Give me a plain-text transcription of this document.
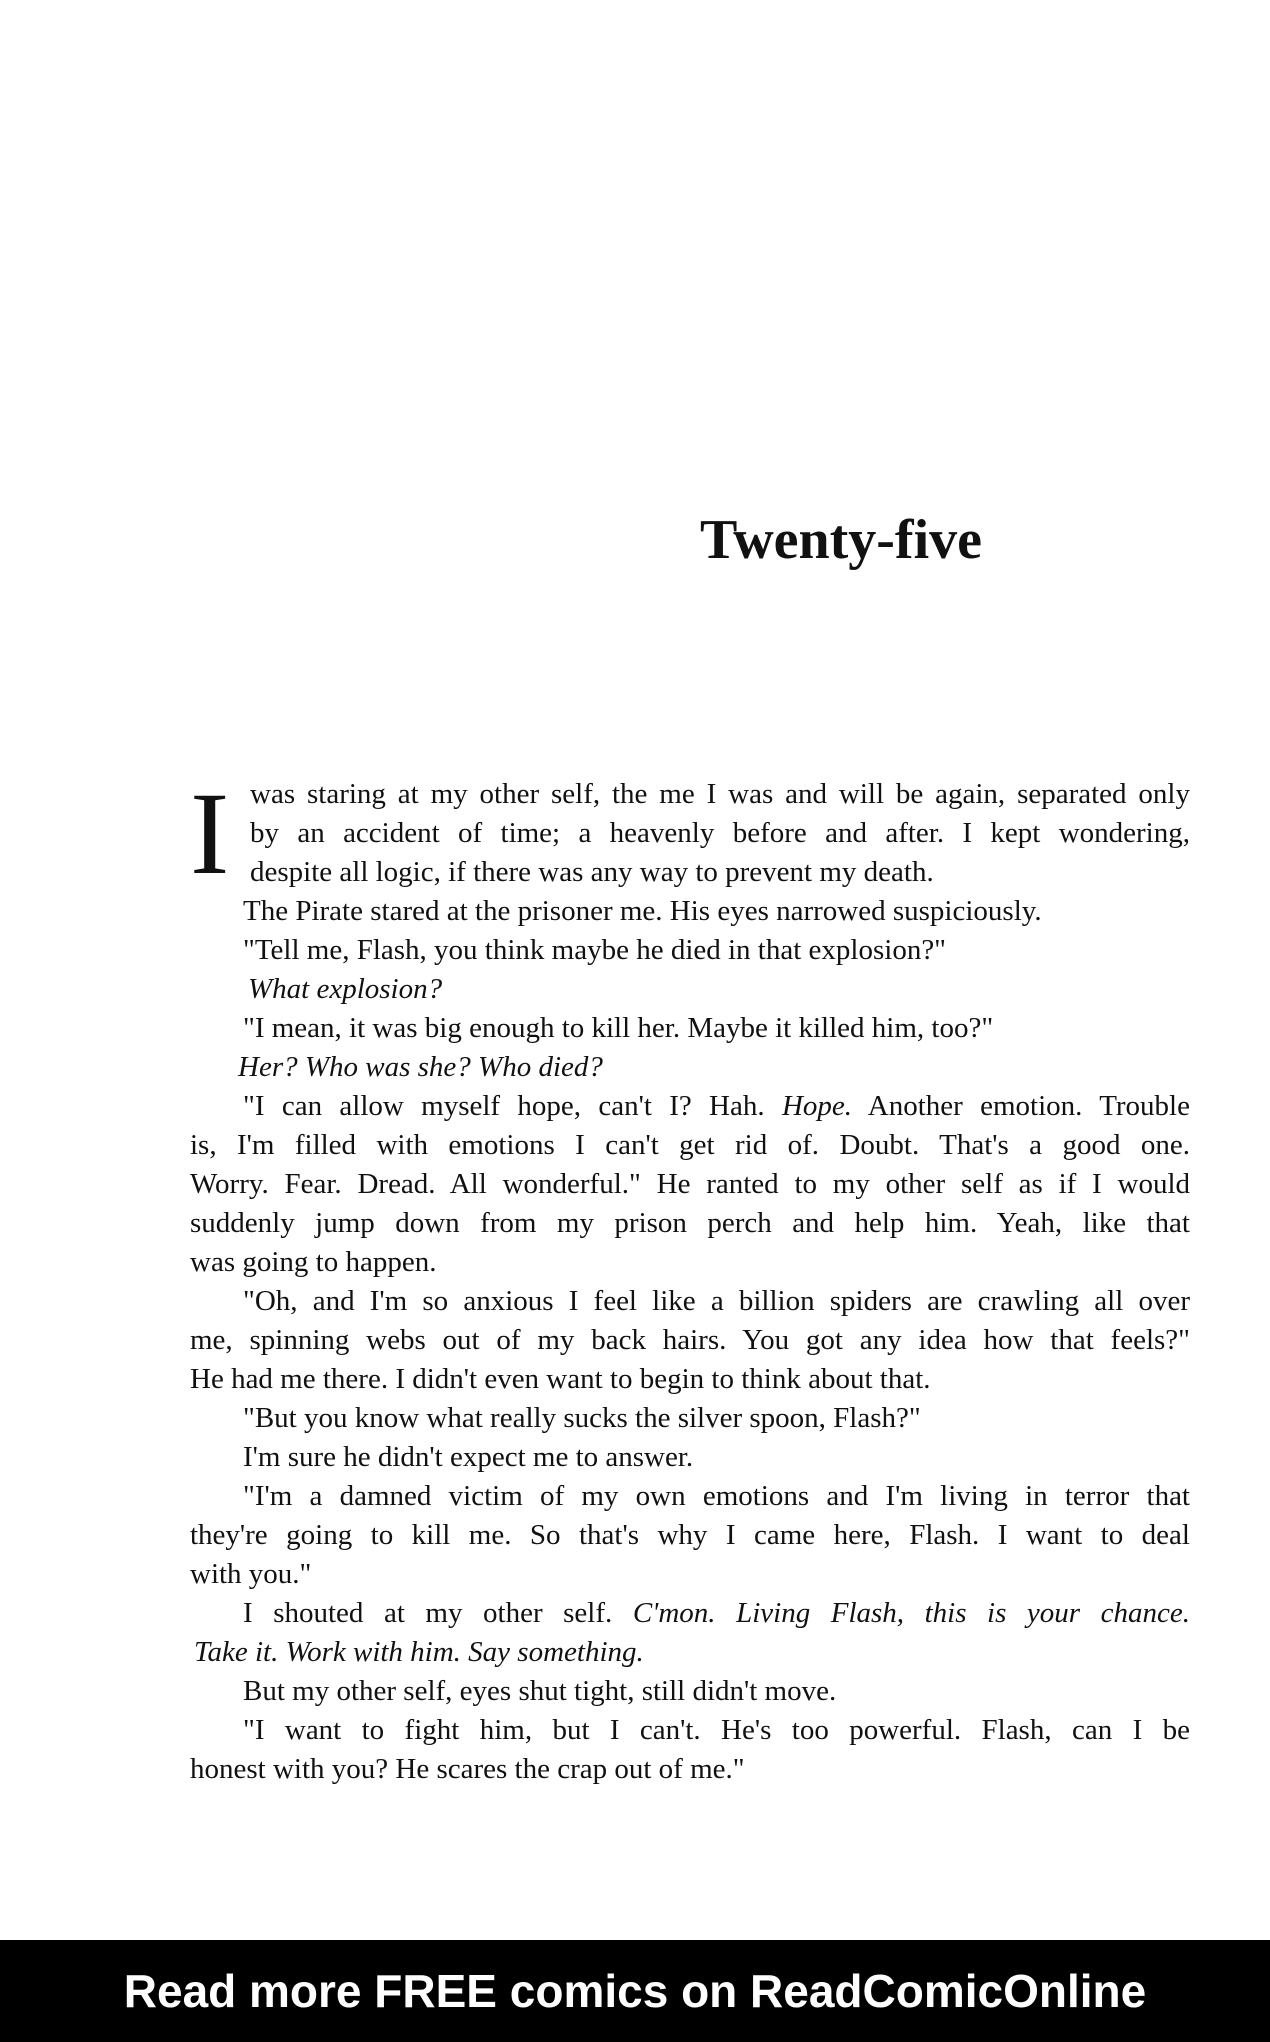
Twenty-five
I was staring at my other self, the me I was and will be again, separated only
by an accident of time; a heavenly before and after. I kept wondering,
despite all logic, if there was any way to prevent my death.
The Pirate stared at the prisoner me. His eyes narrowed suspiciously.
"Tell me, Flash, you think maybe he died in that explosion?"
What explosion?
"I mean, it was big enough to kill her. Maybe it killed him, too?"
Her? Who was she? Who died?
"I can allow myself hope, can't I? Hah. Hope. Another emotion. Trouble
is, I'm filled with emotions I can't get rid of. Doubt. That's a good one.
Worry. Fear. Dread. All wonderful." He ranted to my other self as if I would
suddenly jump down from my prison perch and help him. Yeah, like that
was going to happen.
"Oh, and I'm so anxious I feel like a billion spiders are crawling all over
me, spinning webs out of my back hairs. You got any idea how that feels?"
He had me there. I didn't even want to begin to think about that.
"But you know what really sucks the silver spoon, Flash?"
I'm sure he didn't expect me to answer.
"I'm a damned victim of my own emotions and I'm living in terror that
they're going to kill me. So that's why I came here, Flash. I want to deal
with you."
I shouted at my other self. C'mon. Living Flash, this is your chance.
Take it. Work with him. Say something.
But my other self, eyes shut tight, still didn't move.
"I want to fight him, but I can't. He's too powerful. Flash, can I be
honest with you? He scares the crap out of me."
Read more FREE comics on ReadComicOnline
